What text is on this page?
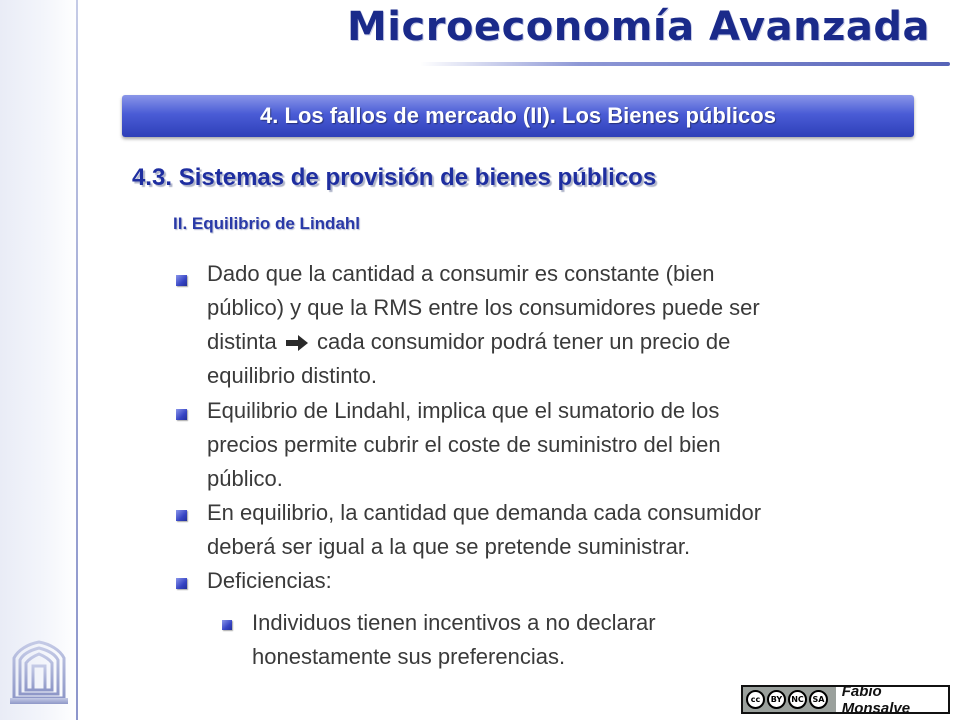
Microeconomía Avanzada
4. Los fallos de mercado (II). Los Bienes públicos
4.3. Sistemas de provisión de bienes públicos
II. Equilibrio de Lindahl
Dado que la cantidad a consumir es constante (bien
público) y que la RMS entre los consumidores puede ser
distinta cada consumidor podrá tener un precio de
equilibrio distinto.
Equilibrio de Lindahl, implica que el sumatorio de los
precios permite cubrir el coste de suministro del bien
público.
En equilibrio, la cantidad que demanda cada consumidor
deberá ser igual a la que se pretende suministrar.
Deficiencias:
Individuos tienen incentivos a no declarar
honestamente sus preferencias.
cc	BY	NC	SA	Fabio Monsalve
